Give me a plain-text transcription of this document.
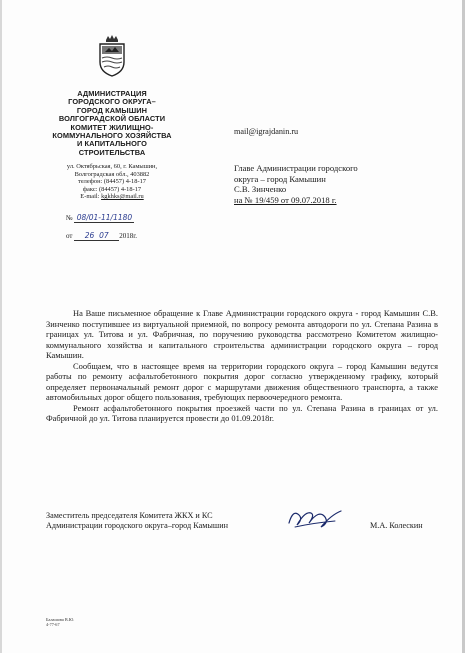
АДМИНИСТРАЦИЯ
ГОРОДСКОГО ОКРУГА–
ГОРОД КАМЫШИН
ВОЛГОГРАДСКОЙ ОБЛАСТИ
КОМИТЕТ ЖИЛИЩНО-
КОММУНАЛЬНОГО ХОЗЯЙСТВА
И КАПИТАЛЬНОГО
СТРОИТЕЛЬСТВА
ул. Октябрьская, 60, г. Камышин,
Волгоградская обл., 403882
телефон: (84457) 4-18-17
факс: (84457) 4-18-17
E-mail: kgkhks@mail.ru
№ 08/01-11/1180
от 26 07 2018г.
mail@igrajdanin.ru
Главе Администрации городского
округа – город Камышин
С.В. Зинченко
на № 19/459 от 09.07.2018 г.

На Ваше письменное обращение к Главе Администрации городского округа - город Камышин С.В. Зинченко поступившее из виртуальной приемной, по вопросу ремонта автодороги по ул. Степана Разина в границах ул. Титова и ул. Фабричная, по поручению руководства рассмотрено Комитетом жилищно-коммунального хозяйства и капитального строительства администрации городского округа – город Камышин.

Сообщаем, что в настоящее время на территории городского округа – город Камышин ведутся работы по ремонту асфальтобетонного покрытия дорог согласно утвержденному графику, который определяет первоначальный ремонт дорог с маршрутами движения общественного транспорта, а также автомобильных дорог общего пользования, требующих первоочередного ремонта.

Ремонт асфальтобетонного покрытия проезжей части по ул. Степана Разина в границах от ул. Фабричной до ул. Титова планируется провести до 01.09.2018г.

Заместитель председателя Комитета ЖКХ и КС
Администрации городского округа–город Камышин	М.А. Колескин
Балашова В.Ю.
4-77-67
